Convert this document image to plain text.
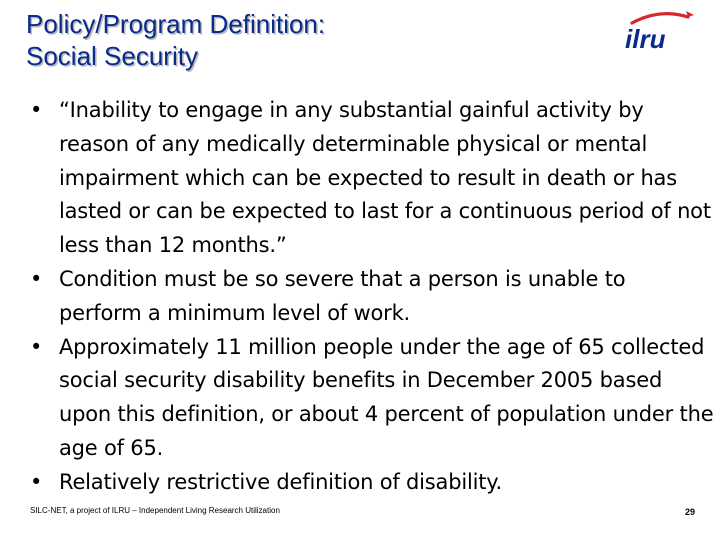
Policy/Program Definition:
Social Security
ilru
• “Inability to engage in any substantial gainful activity by reason of any medically determinable physical or mental impairment which can be expected to result in death or has lasted or can be expected to last for a continuous period of not less than 12 months.”
• Condition must be so severe that a person is unable to perform a minimum level of work.
• Approximately 11 million people under the age of 65 collected social security disability benefits in December 2005 based upon this definition, or about 4 percent of population under the age of 65.
• Relatively restrictive definition of disability.
SILC-NET, a project of ILRU – Independent Living Research Utilization	29
